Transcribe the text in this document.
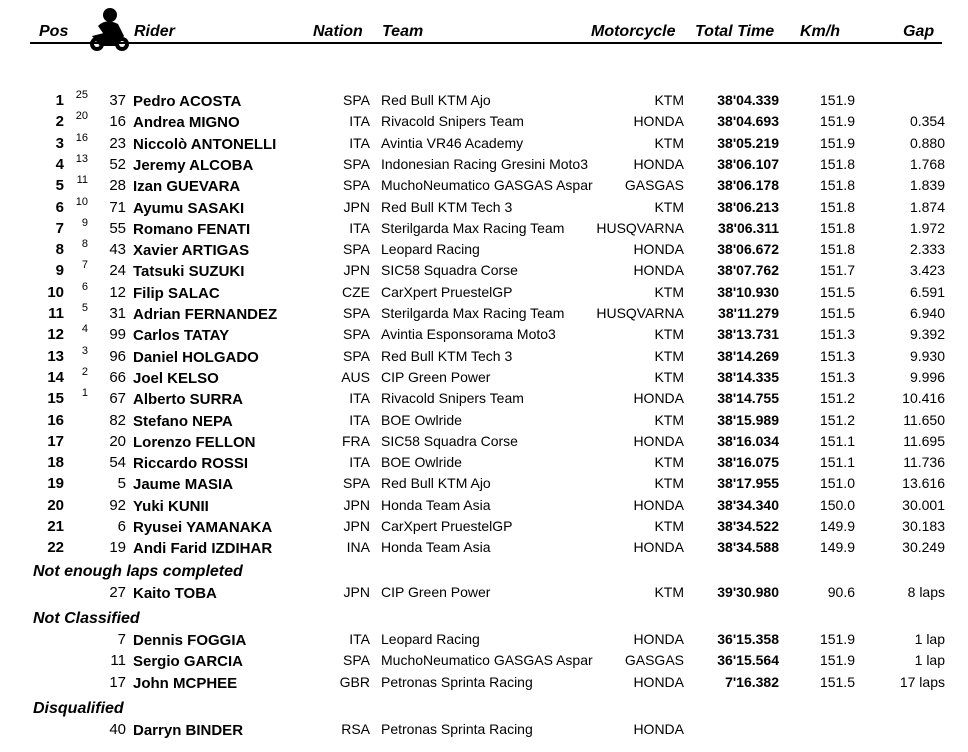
Pos	Rider	Nation Team	Motorcycle Total Time Km/h	Gap
1	25	37 Pedro ACOSTA	SPA Red Bull KTM Ajo	KTM	38'04.339	151.9
2	20	16 Andrea MIGNO	ITA Rivacold Snipers Team	HONDA	38'04.693	151.9	0.354
3	16	23 Niccolò ANTONELLI	ITA Avintia VR46 Academy	KTM	38'05.219	151.9	0.880
4	13	52 Jeremy ALCOBA	SPA Indonesian Racing Gresini Moto3	HONDA	38'06.107	151.8	1.768
5	11	28 Izan GUEVARA	SPA MuchoNeumatico GASGAS Aspar	GASGAS	38'06.178	151.8	1.839
6	10	71 Ayumu SASAKI	JPN Red Bull KTM Tech 3	KTM	38'06.213	151.8	1.874
7	9	55 Romano FENATI	ITA Sterilgarda Max Racing Team	HUSQVARNA	38'06.311	151.8	1.972
8	8	43 Xavier ARTIGAS	SPA Leopard Racing	HONDA	38'06.672	151.8	2.333
9	7	24 Tatsuki SUZUKI	JPN SIC58 Squadra Corse	HONDA	38'07.762	151.7	3.423
10	6	12 Filip SALAC	CZE CarXpert PruestelGP	KTM	38'10.930	151.5	6.591
11	5	31 Adrian FERNANDEZ	SPA Sterilgarda Max Racing Team	HUSQVARNA	38'11.279	151.5	6.940
12	4	99 Carlos TATAY	SPA Avintia Esponsorama Moto3	KTM	38'13.731	151.3	9.392
13	3	96 Daniel HOLGADO	SPA Red Bull KTM Tech 3	KTM	38'14.269	151.3	9.930
14	2	66 Joel KELSO	AUS CIP Green Power	KTM	38'14.335	151.3	9.996
15	1	67 Alberto SURRA	ITA Rivacold Snipers Team	HONDA	38'14.755	151.2	10.416
16	82 Stefano NEPA	ITA BOE Owlride	KTM	38'15.989	151.2	11.650
17	20 Lorenzo FELLON	FRA SIC58 Squadra Corse	HONDA	38'16.034	151.1	11.695
18	54 Riccardo ROSSI	ITA BOE Owlride	KTM	38'16.075	151.1	11.736
19	5 Jaume MASIA	SPA Red Bull KTM Ajo	KTM	38'17.955	151.0	13.616
20	92 Yuki KUNII	JPN Honda Team Asia	HONDA	38'34.340	150.0	30.001
21	6 Ryusei YAMANAKA	JPN CarXpert PruestelGP	KTM	38'34.522	149.9	30.183
22	19 Andi Farid IZDIHAR	INA Honda Team Asia	HONDA	38'34.588	149.9	30.249
27 Kaito TOBA	JPN CIP Green Power	KTM	39'30.980	90.6	8 laps
7 Dennis FOGGIA	ITA Leopard Racing	HONDA	36'15.358	151.9	1 lap
11 Sergio GARCIA	SPA MuchoNeumatico GASGAS Aspar	GASGAS	36'15.564	151.9	1 lap
17 John MCPHEE	GBR Petronas Sprinta Racing	HONDA	7'16.382	151.5	17 laps
40 Darryn BINDER	RSA Petronas Sprinta Racing	HONDA
Not enough laps completed
Not Classified
Disqualified
